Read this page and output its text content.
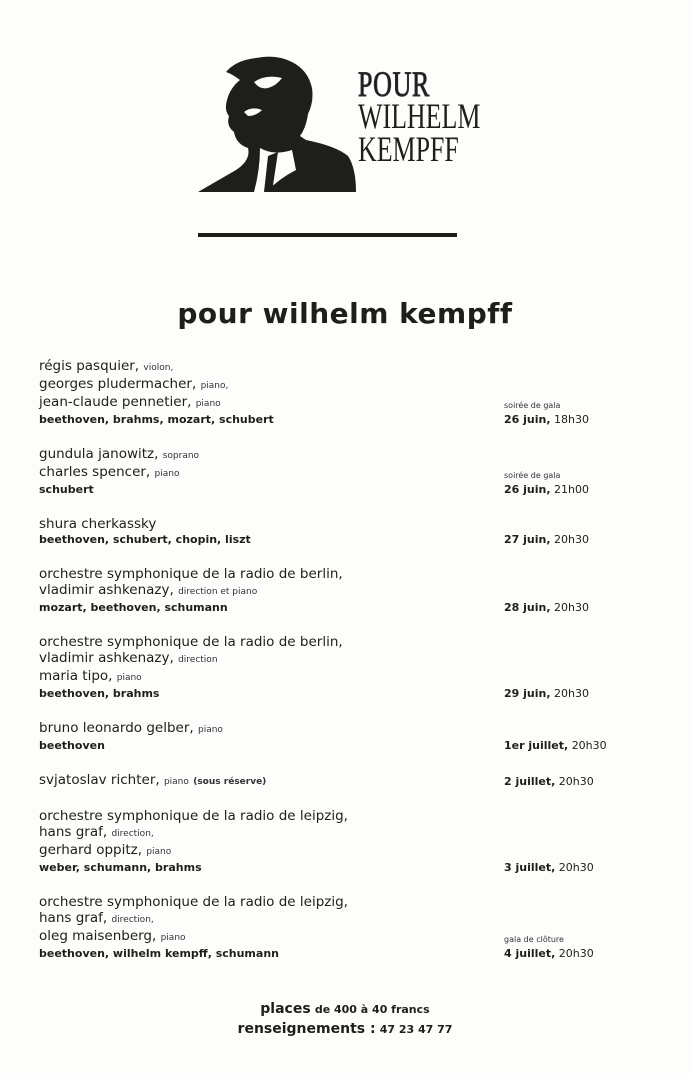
POUR
WILHELM
KEMPFF
pour wilhelm kempff
régis pasquier, violon,
georges pludermacher, piano,
jean-claude pennetier, piano
beethoven, brahms, mozart, schubert
soirée de gala
26 juin, 18h30
gundula janowitz, soprano
charles spencer, piano
schubert
soirée de gala
26 juin, 21h00
shura cherkassky
beethoven, schubert, chopin, liszt	27 juin, 20h30
orchestre symphonique de la radio de berlin,
vladimir ashkenazy, direction et piano
mozart, beethoven, schumann	28 juin, 20h30
orchestre symphonique de la radio de berlin,
vladimir ashkenazy, direction
maria tipo, piano
beethoven, brahms	29 juin, 20h30
bruno leonardo gelber, piano
beethoven	1er juillet, 20h30
svjatoslav richter, piano (sous réserve)	2 juillet, 20h30
orchestre symphonique de la radio de leipzig,
hans graf, direction,
gerhard oppitz, piano
weber, schumann, brahms	3 juillet, 20h30
orchestre symphonique de la radio de leipzig,
hans graf, direction,
oleg maisenberg, piano
beethoven, wilhelm kempff, schumann
gala de clôture
4 juillet, 20h30
places de 400 à 40 francs
renseignements : 47 23 47 77
